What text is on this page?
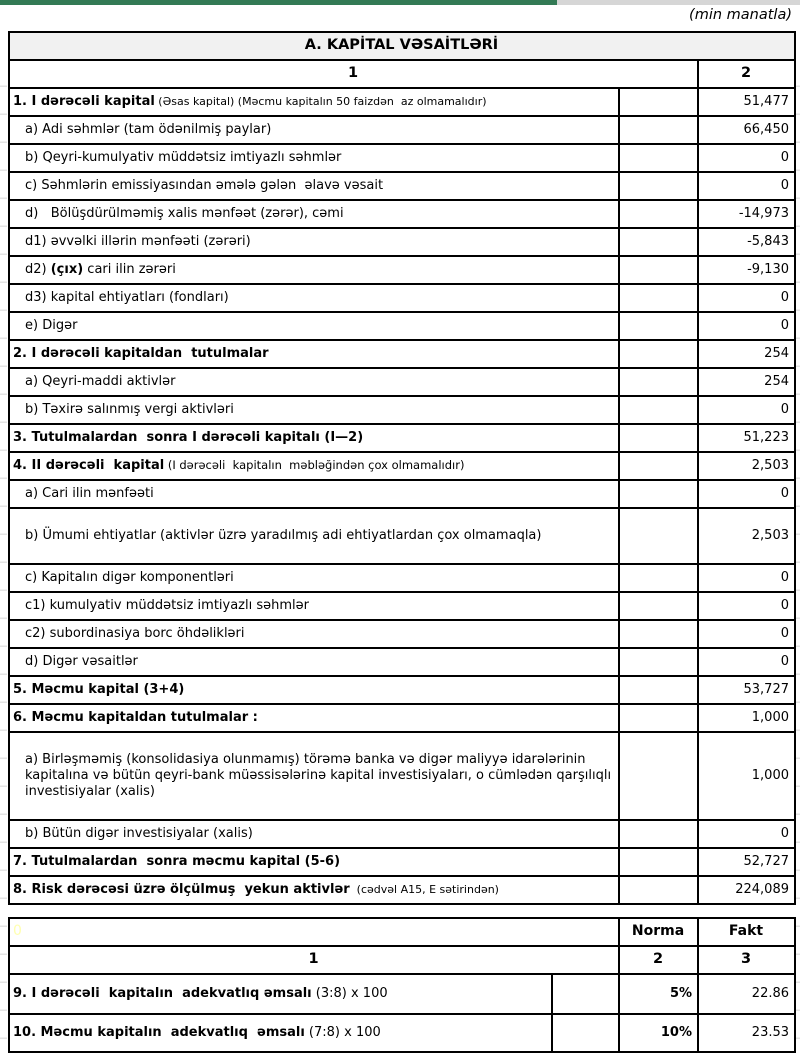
(min manatla)
A. KAPİTAL VƏSAİTLƏRİ		
1		2
1. I dərəcəli kapital (Əsas kapital) (Məcmu kapitalın 50 faizdən  az olmamalıdır)		51,477
a) Adi səhmlər (tam ödənilmiş paylar)		66,450
b) Qeyri-kumulyativ müddətsiz imtiyazlı səhmlər		0
c) Səhmlərin emissiyasından əmələ gələn  əlavə vəsait		0
d)   Bölüşdürülməmiş xalis mənfəət (zərər), cəmi		-14,973
d1) əvvəlki illərin mənfəəti (zərəri)		-5,843
d2) (çıx) cari ilin zərəri		-9,130
d3) kapital ehtiyatları (fondları)		0
e) Digər		0
2. I dərəcəli kapitaldan  tutulmalar		254
a) Qeyri-maddi aktivlər		254
b) Təxirə salınmış vergi aktivləri		0
3. Tutulmalardan  sonra I dərəcəli kapitalı (I—2)		51,223
4. II dərəcəli  kapital (I dərəcəli  kapitalın  məbləğindən çox olmamalıdır)		2,503
a) Cari ilin mənfəəti		0
b) Ümumi ehtiyatlar (aktivlər üzrə yaradılmış adi ehtiyatlardan çox olmamaqla)		2,503
c) Kapitalın digər komponentləri		0
c1) kumulyativ müddətsiz imtiyazlı səhmlər		0
c2) subordinasiya borc öhdəlikləri		0
d) Digər vəsaitlər		0
5. Məcmu kapital (3+4)		53,727
6. Məcmu kapitaldan tutulmalar :		1,000
a) Birləşməmiş (konsolidasiya olunmamış) törəmə banka və digər maliyyə idarələrinin kapitalına və bütün qeyri-bank müəssisələrinə kapital investisiyaları, o cümlədən qarşılıqlı investisiyalar (xalis)		1,000
b) Bütün digər investisiyalar (xalis)		0
7. Tutulmalardan  sonra məcmu kapital (5-6)		52,727
8. Risk dərəcəsi üzrə ölçülmuş  yekun aktivlər  (cədvəl A15, E sətirindən)		224,089
0		Norma	Fakt
1		2	3
9. I dərəcəli  kapitalın  adekvatlıq əmsalı (3:8) x 100		5%	22.86
10. Məcmu kapitalın  adekvatlıq  əmsalı (7:8) x 100		10%	23.53
